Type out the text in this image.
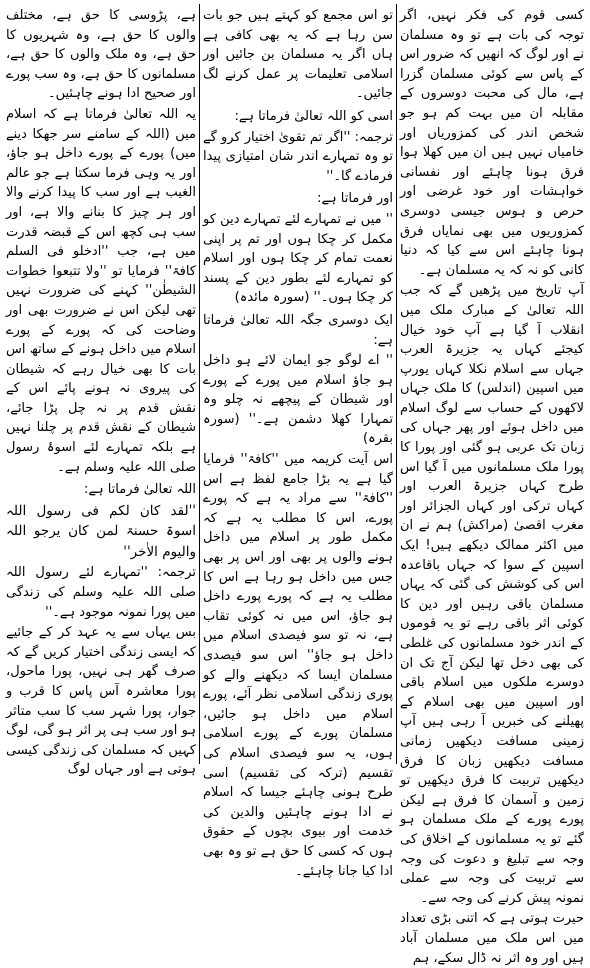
کسی قوم کی فکر نہیں، اگر توجہ کی بات ہے تو وہ مسلمان نے اور لوگ کہ انھیں کہ ضرور اس کے پاس سے کوئی مسلمان گزرا ہے، مال کی محبت دوسروں کے مقابلہ ان میں بہت کم ہو جو شخص اندر کی کمزوریاں اور خامیاں نہیں ہیں ان میں کھلا ہوا فرق ہونا چاہئے اور نفسانی خواہشات اور خود غرضی اور حرص و ہوس جیسی دوسری کمزوریوں میں بھی نمایاں فرق ہونا چاہئے اس سے کیا کہ دنیا کانی کو نہ کہ یہ مسلمان ہے۔

آپ تاریخ میں پڑھیں گے کہ جب اللہ تعالیٰ کے مبارک ملک میں انقلاب آ گیا ہے آپ خود خیال کیجئے کہاں یہ جزیرۃ العرب جہاں سے اسلام نکلا کہاں یورپ میں اسپین (اندلس) کا ملک جہاں لاکھوں کے حساب سے لوگ اسلام میں داخل ہوئے اور پھر جہاں کی زبان تک عربی ہو گئی اور پورا کا پورا ملک مسلمانوں میں آ گیا اس طرح کہاں جزیرۃ العرب اور کہاں ترکی اور کہاں الجزائر اور مغرب اقصیٰ (مراکش) ہم نے ان میں اکثر ممالک دیکھے ہیں! ایک اسپین کے سوا کہ جہاں باقاعدہ اس کی کوشش کی گئی کہ یہاں مسلمان باقی رہیں اور دین کا کوئی اثر باقی رہے تو یہ قوموں کے اندر خود مسلمانوں کی غلطی کی بھی دخل تھا لیکن آج تک ان دوسرے ملکوں میں اسلام باقی اور اسپین میں بھی اسلام کے پھیلنے کی خبریں آ رہی ہیں آپ زمینی مسافت دیکھیں زمانی مسافت دیکھیں زبان کا فرق دیکھیں تربیت کا فرق دیکھیں تو زمین و آسمان کا فرق ہے لیکن پورے پورے کے ملک مسلمان ہو گئے تو یہ مسلمانوں کے اخلاق کی وجہ سے تبلیغ و دعوت کی وجہ سے تربیت کی وجہ سے عملی نمونہ پیش کرنے کی وجہ سے۔

حیرت ہوتی ہے کہ اتنی بڑی تعداد میں اس ملک میں مسلمان آباد ہیں اور وہ اثر نہ ڈال سکے، ہم

تو اس مجمع کو کہتے ہیں جو بات سن رہا ہے کہ یہ بھی کافی ہے ہاں اگر یہ مسلمان بن جائیں اور اسلامی تعلیمات پر عمل کرنے لگ جائیں۔

اسی کو اللہ تعالیٰ فرماتا ہے:

ترجمہ: ''اگر تم تقویٰ اختیار کرو گے تو وہ تمہارے اندر شان امتیازی پیدا فرمادے گا۔''

اور فرماتا ہے:

'' میں نے تمہارے لئے تمہارے دین کو مکمل کر چکا ہوں اور تم پر اپنی نعمت تمام کر چکا ہوں اور اسلام کو تمہارے لئے بطور دین کے پسند کر چکا ہوں۔'' (سورہ مائدہ)

ایک دوسری جگہ اللہ تعالیٰ فرماتا ہے:

'' اے لوگو جو ایمان لائے ہو داخل ہو جاؤ اسلام میں پورے کے پورے اور شیطان کے پیچھے نہ چلو وہ تمہارا کھلا دشمن ہے۔'' (سورہ بقرہ)

اس آیت کریمہ میں ''کافۃ'' فرمایا گیا ہے یہ بڑا جامع لفظ ہے اس ''کافۃ'' سے مراد یہ ہے کہ پورے پورے، اس کا مطلب یہ ہے کہ مکمل طور پر اسلام میں داخل ہونے والوں پر بھی اور اس پر بھی جس میں داخل ہو رہا ہے اس کا مطلب یہ ہے کہ پورے پورے داخل ہو جاؤ، اس میں نہ کوئی تقاب ہے، نہ تو سو فیصدی اسلام میں داخل ہو جاؤ'' اس سو فیصدی مسلمان ایسا کہ دیکھنے والے کو پوری زندگی اسلامی نظر آئے، پورے اسلام میں داخل ہو جائیں، مسلمان پورے کے پورے اسلامی ہوں، یہ سو فیصدی اسلام کی تقسیم (ترکہ کی تقسیم) اسی طرح ہونی چاہئے جیسا کہ اسلام نے ادا ہونے چاہئیں والدین کی خدمت اور بیوی بچوں کے حقوق ہوں کہ کسی کا حق ہے تو وہ بھی ادا کیا جانا چاہئے۔

ہے، پڑوسی کا حق ہے، مختلف والوں کا حق ہے، وہ شہریوں کا حق ہے، وہ ملک والوں کا حق ہے، مسلمانوں کا حق ہے، وہ سب پورے اور صحیح ادا ہونے چاہئیں۔

یہ اللہ تعالیٰ فرماتا ہے کہ اسلام میں (اللہ کے سامنے سر جھکا دینے میں) پورے کے پورے داخل ہو جاؤ، اور یہ وہی فرما سکتا ہے جو عالم الغیب ہے اور سب کا پیدا کرنے والا اور ہر چیز کا بنانے والا ہے، اور سب ہی کچھ اس کے قبضہ قدرت میں ہے، جب ''ادخلو فی السلم کافۃ'' فرمایا تو ''ولا تتبعوا خطوات الشیطٰن'' کہنے کی ضرورت نہیں تھی لیکن اس نے ضرورت بھی اور وضاحت کی کہ پورے کے پورے اسلام میں داخل ہونے کے ساتھ اس بات کا بھی خیال رہے کہ شیطان کی پیروی نہ ہونے پائے اس کے نقش قدم پر نہ چل پڑا جائے، شیطان کے نقش قدم پر چلنا نہیں ہے بلکہ تمہارے لئے اسوۂ رسول صلی اللہ علیہ وسلم ہے۔

اللہ تعالیٰ فرماتا ہے:

''لقد کان لکم فی رسول اللہ اسوۃ حسنۃ لمن کان یرجو اللہ والیوم الاٰخر''

ترجمہ: ''تمہارے لئے رسول اللہ صلی اللہ علیہ وسلم کی زندگی میں پورا نمونہ موجود ہے۔''

بس یہاں سے یہ عہد کر کے جائیے کہ ایسی زندگی اختیار کریں گے کہ صرف گھر ہی نہیں، پورا ماحول، پورا معاشرہ آس پاس کا قرب و جوار، پورا شہر سب کا سب متاثر ہو اور سب ہی پر اثر ہو گی، لوگ کہیں کہ مسلمان کی زندگی کیسی ہوتی ہے اور جہاں لوگ
